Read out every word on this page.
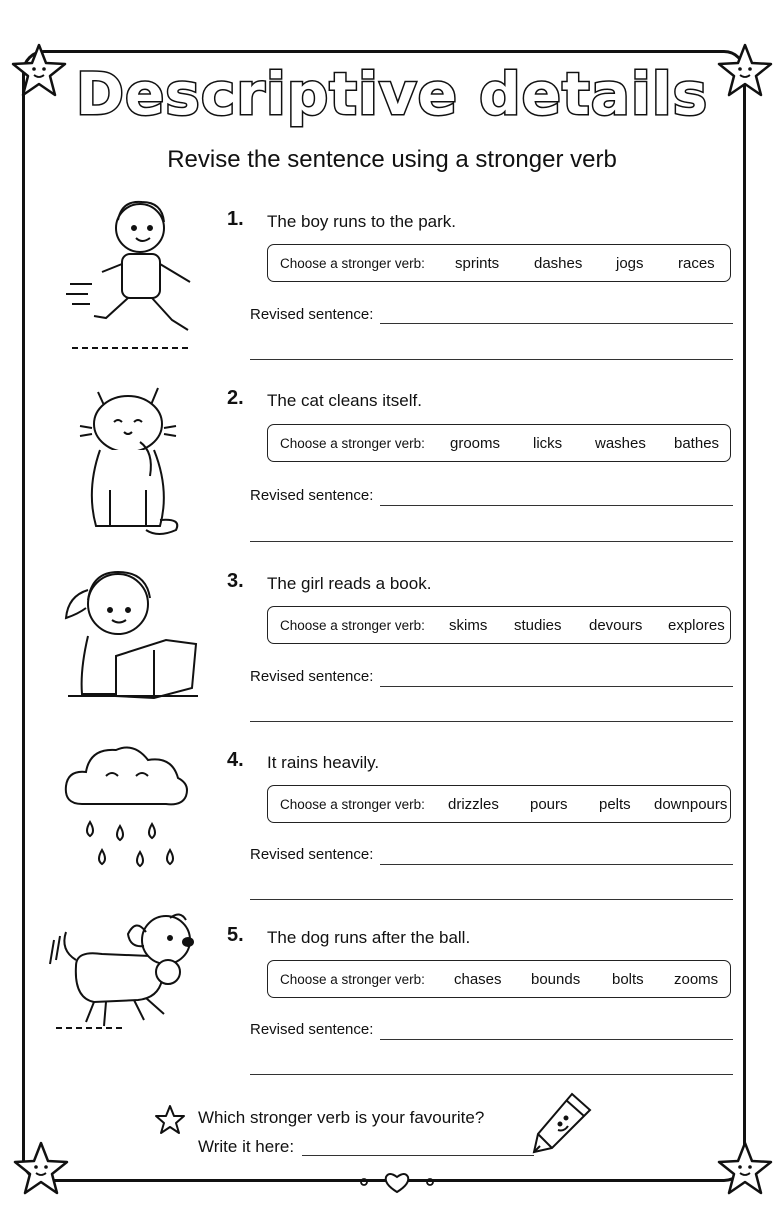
Descriptive details
Revise the sentence using a stronger verb
1. The boy runs to the park.
Choose a stronger verb: sprints dashes jogs races
Revised sentence:
2. The cat cleans itself.
Choose a stronger verb: grooms licks washes bathes
Revised sentence:
3. The girl reads a book.
Choose a stronger verb: skims studies devours explores
Revised sentence:
4. It rains heavily.
Choose a stronger verb: drizzles pours pelts downpours
Revised sentence:
5. The dog runs after the ball.
Choose a stronger verb: chases bounds bolts zooms
Revised sentence:
Which stronger verb is your favourite?
Write it here:
